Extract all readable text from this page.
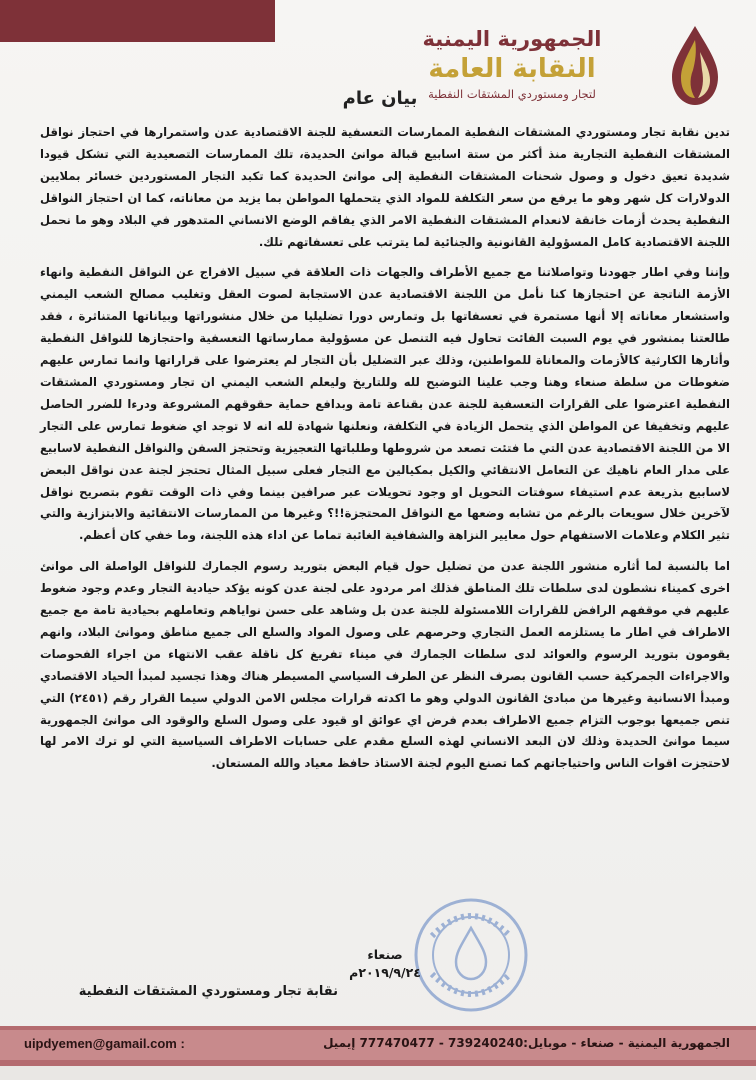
الجمهورية اليمنية
النقابة العامة
لتجار ومستوردي المشتقات النفطية
بيان عام

تدين نقابة تجار ومستوردي المشتقات النفطية الممارسات التعسفية للجنة الاقتصادية عدن واستمرارها في احتجاز نواقل المشتقات النفطية التجارية منذ أكثر من ستة اسابيع قبالة موانئ الحديدة، تلك الممارسات التصعيدية التي تشكل قيودا شديدة تعيق دخول و وصول شحنات المشتقات النفطية إلى موانئ الحديدة كما تكبد التجار المستوردين خسائر بملايين الدولارات كل شهر وهو ما يرفع من سعر التكلفة للمواد الذي يتحملها المواطن بما يزيد من معاناته، كما ان احتجاز النواقل النفطية يحدث أزمات خانقة لانعدام المشتقات النفطية الامر الذي يفاقم الوضع الانساني المتدهور في البلاد وهو ما نحمل اللجنة الاقتصادية كامل المسؤولية القانونية والجنائية لما يترتب على تعسفاتهم تلك.

وإننا وفي اطار جهودنا وتواصلاتنا مع جميع الأطراف والجهات ذات العلاقة في سبيل الافراج عن النواقل النفطية وانهاء الأزمة الناتجة عن احتجازها كنا نأمل من اللجنة الاقتصادية عدن الاستجابة لصوت العقل وتغليب مصالح الشعب اليمني واستشعار معاناته إلا أنها مستمرة في تعسفاتها بل وتمارس دورا تضليليا من خلال منشوراتها وبياناتها المتناثرة ، فقد طالعتنا بمنشور في يوم السبت الفائت تحاول فيه التنصل عن مسؤولية ممارساتها التعسفية واحتجازها للنواقل النفطية وأثارها الكارثية كالأزمات والمعاناة للمواطنين، وذلك عبر التضليل بأن التجار لم يعترضوا على قراراتها وانما تمارس عليهم ضغوطات من سلطة صنعاء وهنا وجب علينا التوضيح لله وللتاريخ وليعلم الشعب اليمني ان تجار ومستوردي المشتقات النفطية اعترضوا على القرارات التعسفية للجنة عدن بقناعة تامة وبدافع حماية حقوقهم المشروعة ودرءا للضرر الحاصل عليهم وتخفيفا عن المواطن الذي يتحمل الزيادة في التكلفة، ونعلنها شهادة لله انه لا توجد اي ضغوط تمارس على التجار الا من اللجنة الاقتصادية عدن التي ما فتئت تصعد من شروطها وطلباتها التعجيزية وتحتجز السفن والنواقل النفطية لاسابيع على مدار العام ناهيك عن التعامل الانتقائي والكيل بمكيالين مع التجار فعلى سبيل المثال تحتجز لجنة عدن نواقل البعض لاسابيع بذريعة عدم استيفاء سوفتات التحويل او وجود تحويلات عبر صرافين بينما وفي ذات الوقت تقوم بتصريح نواقل لآخرين خلال سويعات بالرغم من تشابه وضعها مع النواقل المحتجزة!!؟ وغيرها من الممارسات الانتقائية والابتزازية والتي تثير الكلام وعلامات الاستفهام حول معايير النزاهة والشفافية الغائبة تماما عن اداء هذه اللجنة، وما خفي كان أعظم.

اما بالنسبة لما أثاره منشور اللجنة عدن من تضليل حول قيام البعض بتوريد رسوم الجمارك للنواقل الواصلة الى موانئ اخرى كميناء نشطون لدى سلطات تلك المناطق فذلك امر مردود على لجنة عدن كونه يؤكد حيادية التجار وعدم وجود ضغوط عليهم في موقفهم الرافض للقرارات اللامسئولة للجنة عدن بل وشاهد على حسن نواياهم وتعاملهم بحيادية تامة مع جميع الاطراف في اطار ما يستلزمه العمل التجاري وحرصهم على وصول المواد والسلع الى جميع مناطق وموانئ البلاد، وانهم يقومون بتوريد الرسوم والعوائد لدى سلطات الجمارك في ميناء تفريغ كل ناقلة عقب الانتهاء من اجراء الفحوصات والاجراءات الجمركية حسب القانون بصرف النظر عن الطرف السياسي المسيطر هناك وهذا تجسيد لمبدأ الحياد الاقتصادي ومبدأ الانسانية وغيرها من مبادئ القانون الدولي وهو ما اكدته قرارات مجلس الامن الدولي سيما القرار رقم (٢٤٥١) التي تنص جميعها بوجوب التزام جميع الاطراف بعدم فرض اي عوائق او قيود على وصول السلع والوقود الى موانئ الجمهورية سيما موانئ الحديدة وذلك لان البعد الانساني لهذه السلع مقدم على حسابات الاطراف السياسية التي لو ترك الامر لها لاحتجزت اقوات الناس واحتياجاتهم كما تصنع اليوم لجنة الاستاذ حافظ معياد والله المستعان.

صنعاء
٢٠١٩/٩/٢٤م
نقابة تجار ومستوردي المشتقات النفطية
uipdyemen@gamail.com :	الجمهورية اليمنية - صنعاء - موبايل:739240240 - 777470477 إيميل
